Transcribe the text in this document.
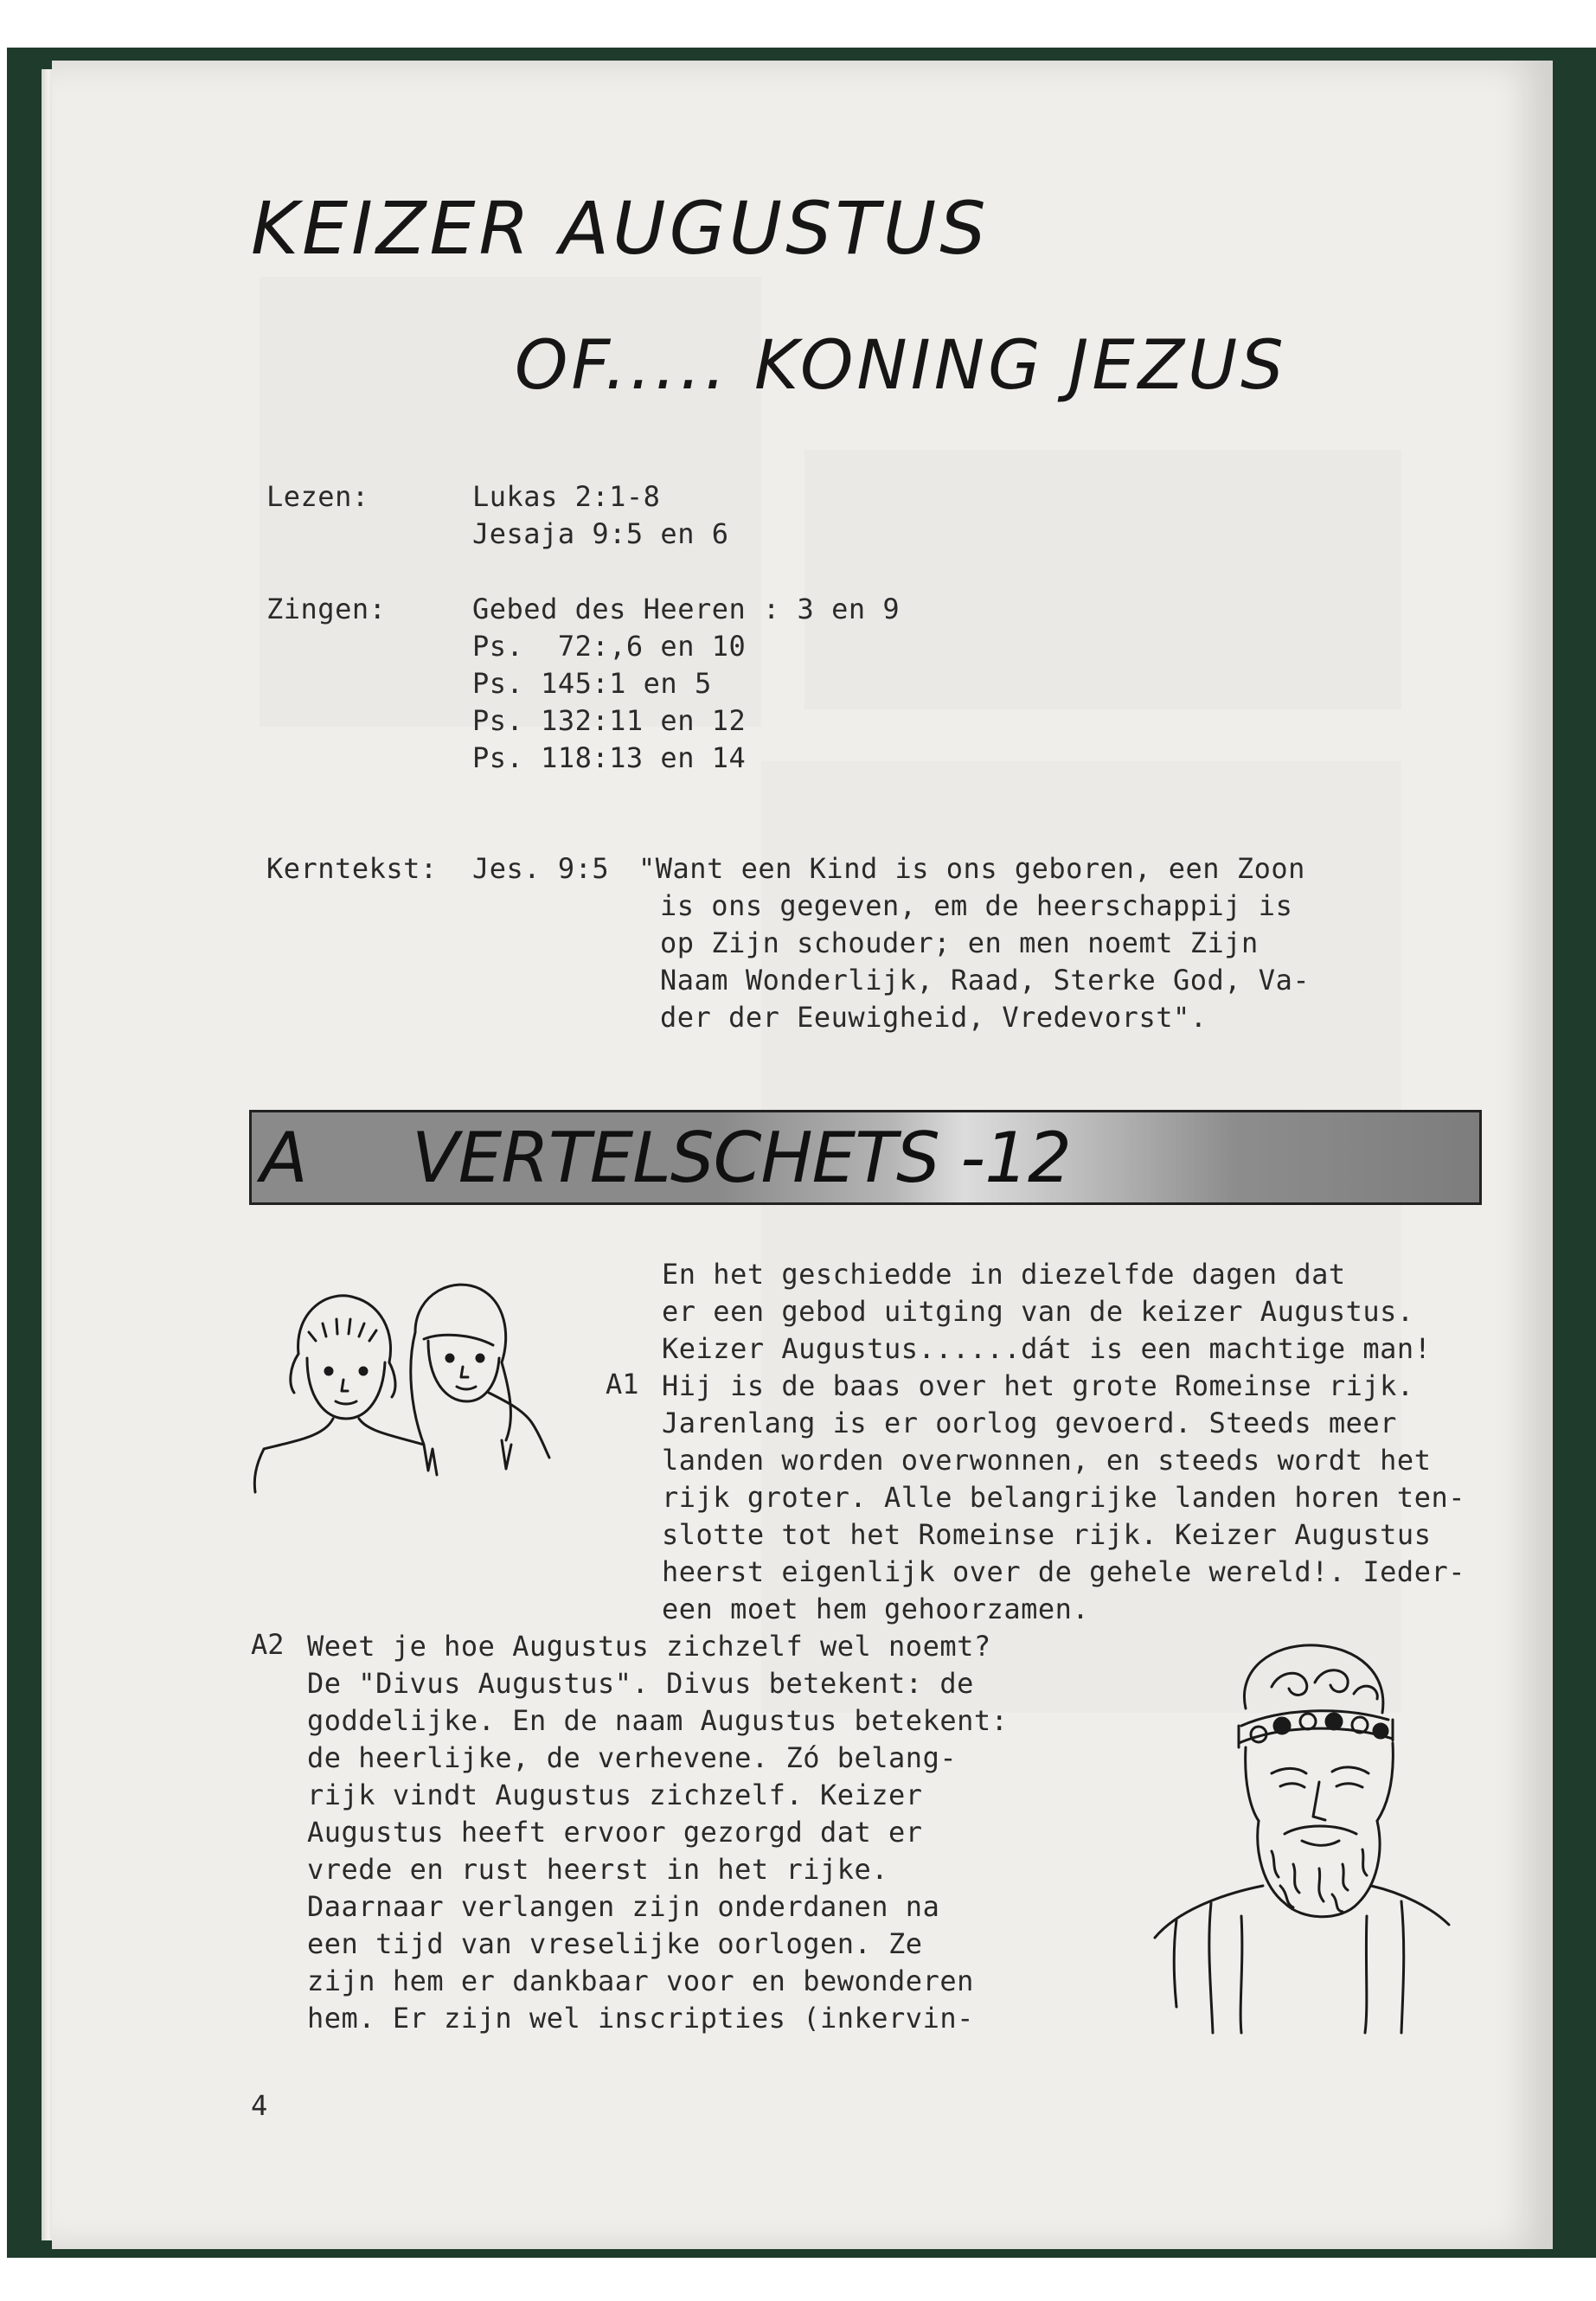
KEIZER AUGUSTUS
OF..... KONING JEZUS
Lezen:	Lukas 2:1-8
Jesaja 9:5 en 6
Zingen:	Gebed des Heeren : 3 en 9
Ps.  72:,6 en 10
Ps. 145:1 en 5
Ps. 132:11 en 12
Ps. 118:13 en 14
Kerntekst: Jes. 9:5 "Want een Kind is ons geboren, een Zoon
is ons gegeven, em de heerschappij is
op Zijn schouder; en men noemt Zijn
Naam Wonderlijk, Raad, Sterke God, Va-
der der Eeuwigheid, Vredevorst".
A VERTELSCHETS -12
A1
En het geschiedde in diezelfde dagen dat
er een gebod uitging van de keizer Augustus.
Keizer Augustus......dát is een machtige man!
Hij is de baas over het grote Romeinse rijk.
Jarenlang is er oorlog gevoerd. Steeds meer
landen worden overwonnen, en steeds wordt het
rijk groter. Alle belangrijke landen horen ten-
slotte tot het Romeinse rijk. Keizer Augustus
heerst eigenlijk over de gehele wereld!. Ieder-
een moet hem gehoorzamen.
A2 Weet je hoe Augustus zichzelf wel noemt?
De "Divus Augustus". Divus betekent: de
goddelijke. En de naam Augustus betekent:
de heerlijke, de verhevene. Zó belang-
rijk vindt Augustus zichzelf. Keizer
Augustus heeft ervoor gezorgd dat er
vrede en rust heerst in het rijke.
Daarnaar verlangen zijn onderdanen na
een tijd van vreselijke oorlogen. Ze
zijn hem er dankbaar voor en bewonderen
hem. Er zijn wel inscripties (inkervin-
4
